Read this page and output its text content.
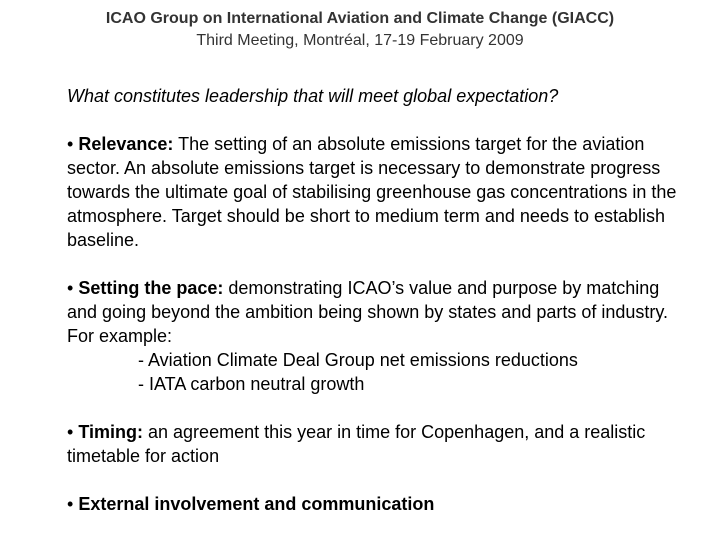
ICAO Group on International Aviation and Climate Change (GIACC)
Third Meeting, Montréal, 17-19 February 2009
What constitutes leadership that will meet global expectation?
• Relevance: The setting of an absolute emissions target for the aviation sector. An absolute emissions target is necessary to demonstrate progress towards the ultimate goal of stabilising greenhouse gas concentrations in the atmosphere. Target should be short to medium term and needs to establish baseline.
• Setting the pace: demonstrating ICAO’s value and purpose by matching and going beyond the ambition being shown by states and parts of industry. For example:
- Aviation Climate Deal Group net emissions reductions
- IATA carbon neutral growth
• Timing: an agreement this year in time for Copenhagen, and a realistic timetable for action
• External involvement and communication
